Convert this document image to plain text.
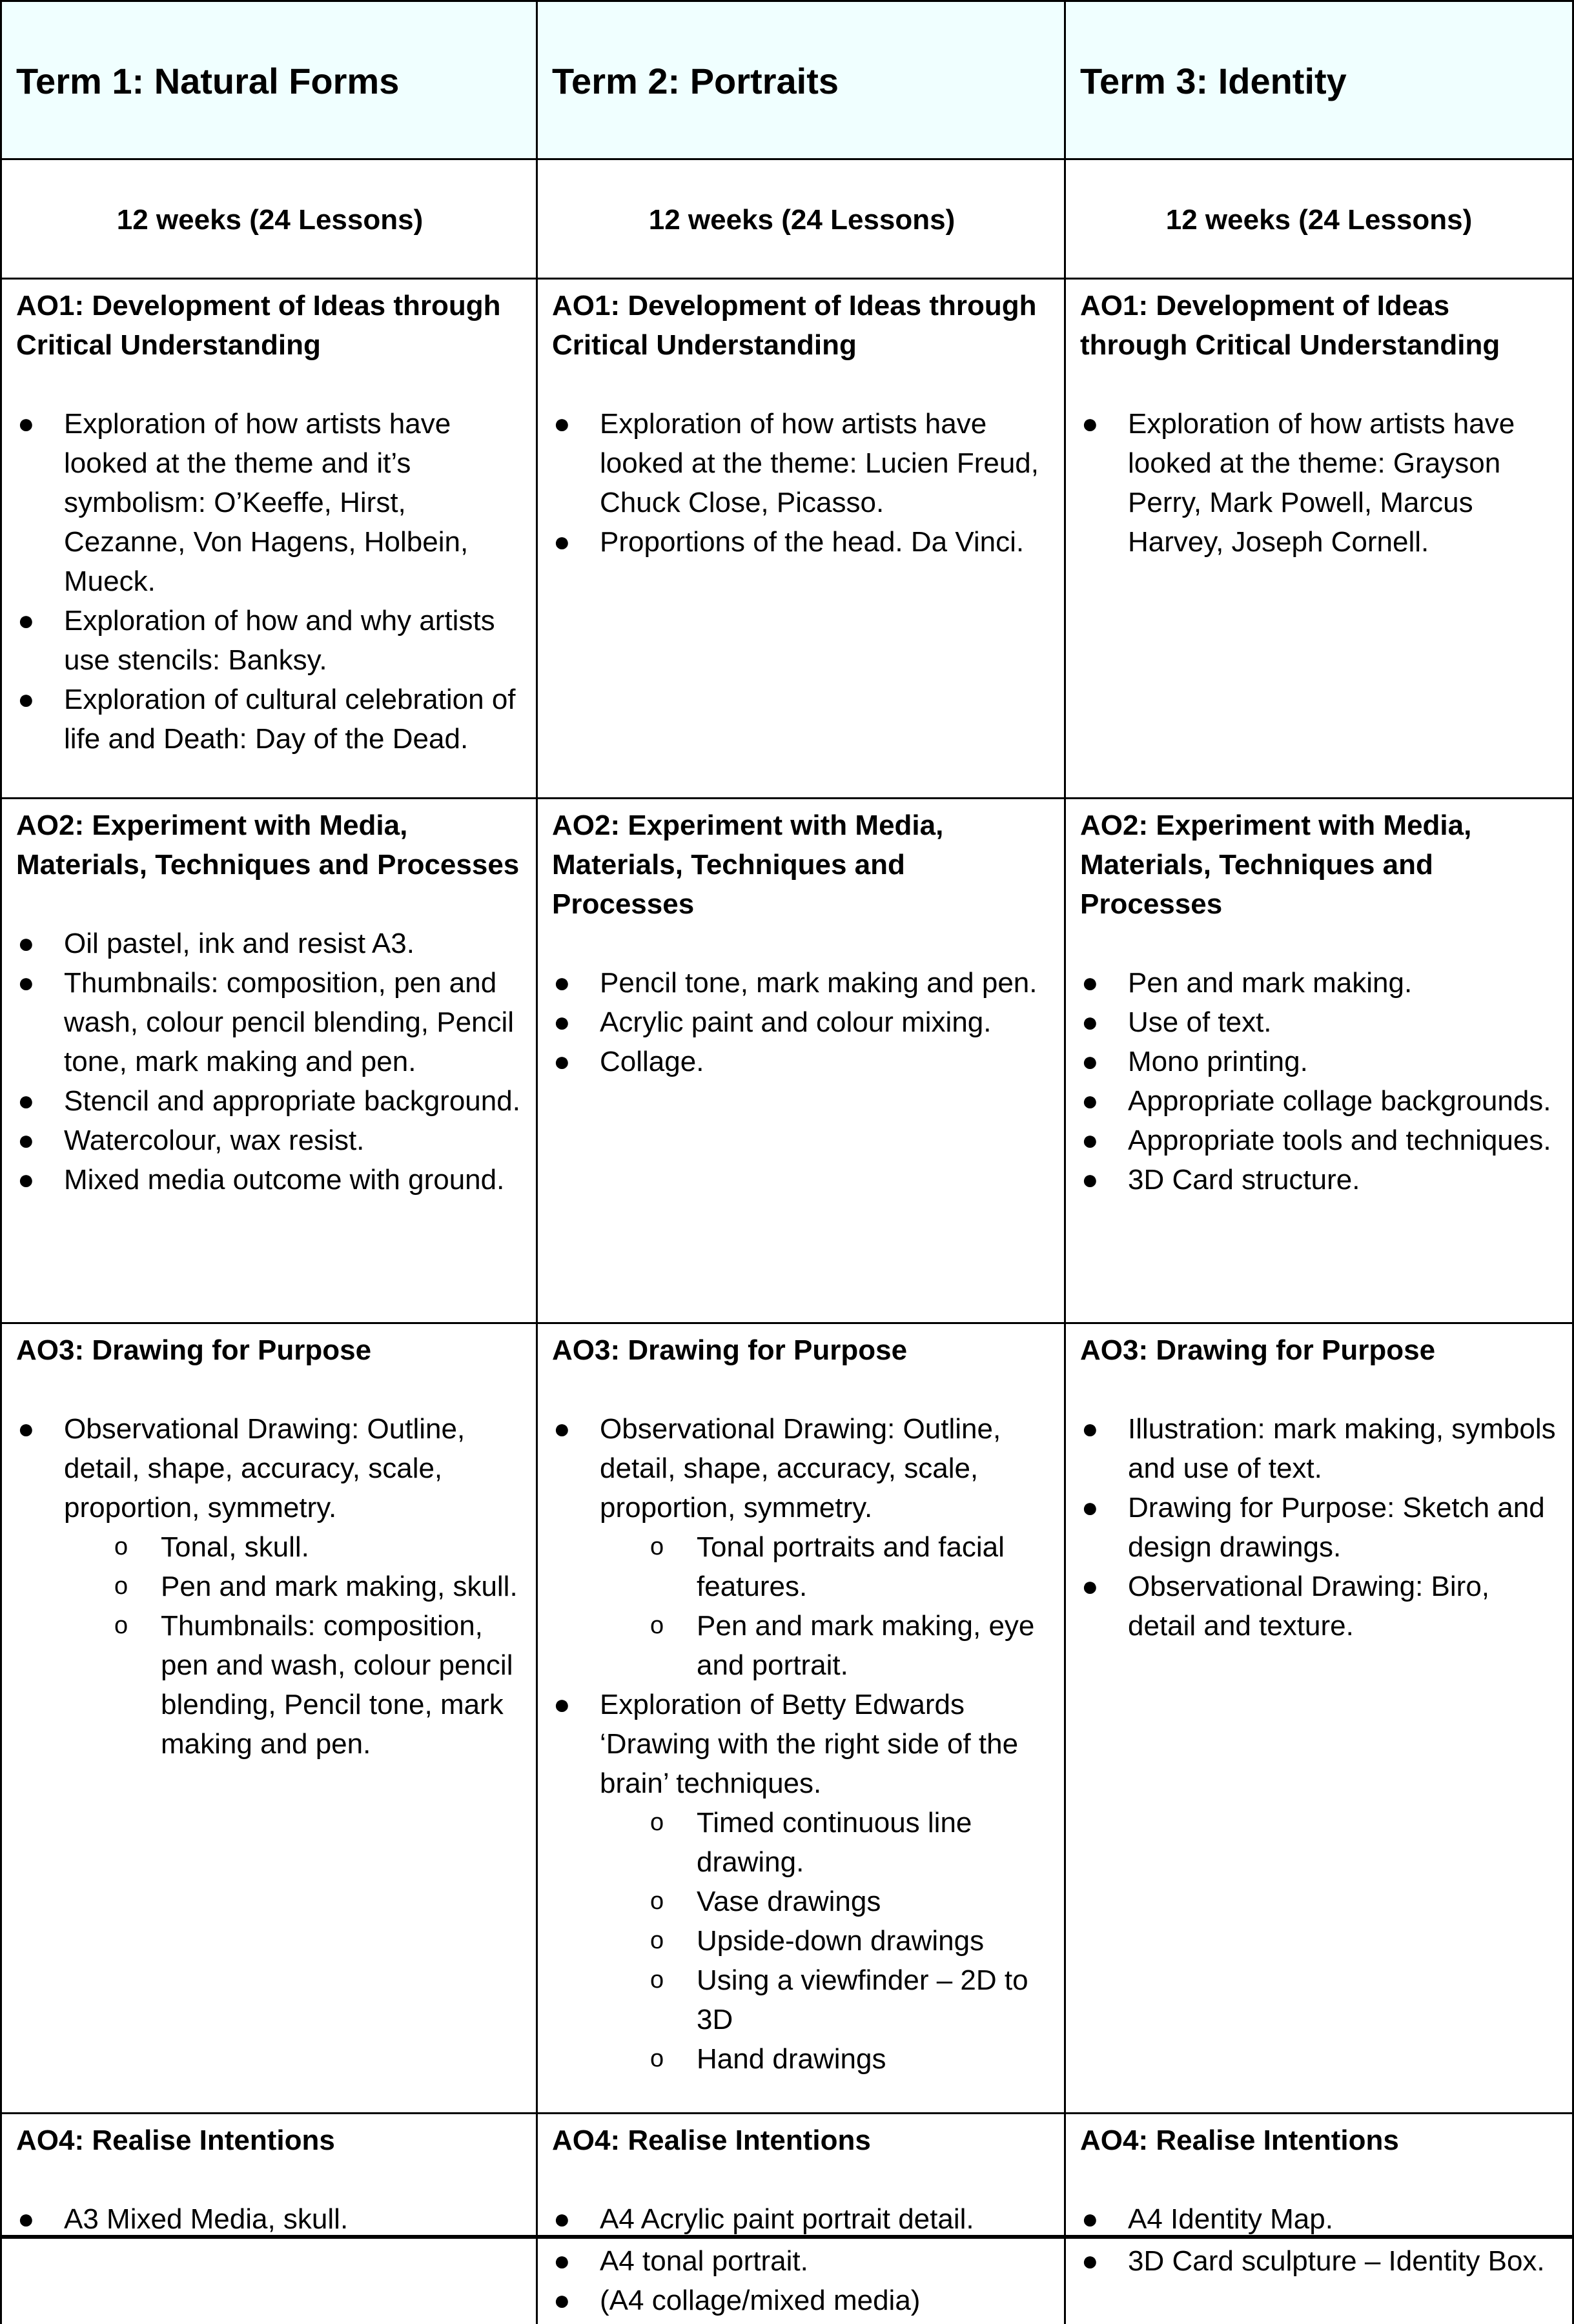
Term 1: Natural Forms
12 weeks (24 Lessons)
AO1: Development of Ideas through Critical Understanding
● Exploration of how artists have looked at the theme and it’s symbolism: O’Keeffe, Hirst, Cezanne, Von Hagens, Holbein, Mueck.
● Exploration of how and why artists use stencils: Banksy.
● Exploration of cultural celebration of life and Death: Day of the Dead.
AO2: Experiment with Media, Materials, Techniques and Processes
● Oil pastel, ink and resist A3.
● Thumbnails: composition, pen and wash, colour pencil blending, Pencil tone, mark making and pen.
● Stencil and appropriate background.
● Watercolour, wax resist.
● Mixed media outcome with ground.
AO3: Drawing for Purpose
● Observational Drawing: Outline, detail, shape, accuracy, scale, proportion, symmetry.
o Tonal, skull.
o Pen and mark making, skull.
o Thumbnails: composition, pen and wash, colour pencil blending, Pencil tone, mark making and pen.
AO4: Realise Intentions
● A3 Mixed Media, skull.
Term 2: Portraits
12 weeks (24 Lessons)
AO1: Development of Ideas through Critical Understanding
● Exploration of how artists have looked at the theme: Lucien Freud, Chuck Close, Picasso.
● Proportions of the head. Da Vinci.
AO2: Experiment with Media, Materials, Techniques and Processes
● Pencil tone, mark making and pen.
● Acrylic paint and colour mixing.
● Collage.
AO3: Drawing for Purpose
● Observational Drawing: Outline, detail, shape, accuracy, scale, proportion, symmetry.
o Tonal portraits and facial features.
o Pen and mark making, eye and portrait.
● Exploration of Betty Edwards ‘Drawing with the right side of the brain’ techniques.
o Timed continuous line drawing.
o Vase drawings
o Upside-down drawings
o Using a viewfinder – 2D to 3D
o Hand drawings
AO4: Realise Intentions
● A4 Acrylic paint portrait detail.
● A4 tonal portrait.
● (A4 collage/mixed media)
Term 3: Identity
12 weeks (24 Lessons)
AO1: Development of Ideas through Critical Understanding
● Exploration of how artists have looked at the theme: Grayson Perry, Mark Powell, Marcus Harvey, Joseph Cornell.
AO2: Experiment with Media, Materials, Techniques and Processes
● Pen and mark making.
● Use of text.
● Mono printing.
● Appropriate collage backgrounds.
● Appropriate tools and techniques.
● 3D Card structure.
AO3: Drawing for Purpose
● Illustration: mark making, symbols and use of text.
● Drawing for Purpose: Sketch and design drawings.
● Observational Drawing: Biro, detail and texture.
AO4: Realise Intentions
● A4 Identity Map.
● 3D Card sculpture – Identity Box.
